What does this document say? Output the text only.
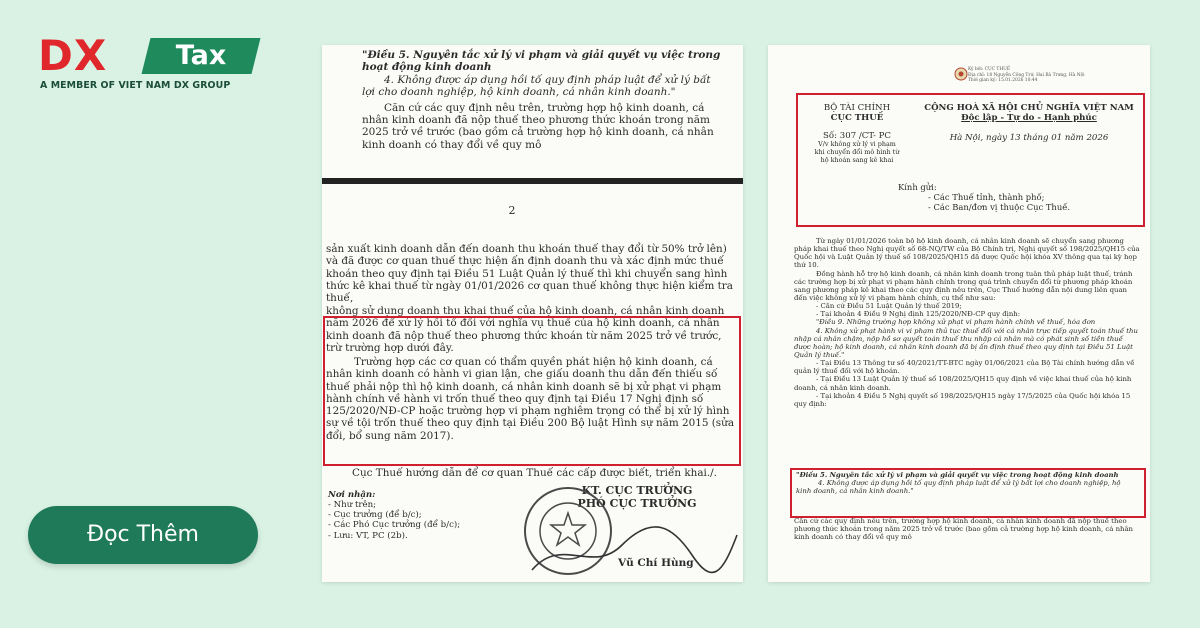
DX	Tax
A MEMBER OF VIET NAM DX GROUP
Đọc Thêm

"Điều 5. Nguyên tắc xử lý vi phạm và giải quyết vụ việc trong hoạt động kinh doanh

4. Không được áp dụng hồi tố quy định pháp luật để xử lý bất lợi cho doanh nghiệp, hộ kinh doanh, cá nhân kinh doanh."

Căn cứ các quy định nêu trên, trường hợp hộ kinh doanh, cá nhân kinh doanh đã nộp thuế theo phương thức khoán trong năm 2025 trở về trước (bao gồm cả trường hợp hộ kinh doanh, cá nhân kinh doanh có thay đổi về quy mô

2
sản xuất kinh doanh dẫn đến doanh thu khoán thuế thay đổi từ 50% trở lên) và đã được cơ quan thuế thực hiện ấn định doanh thu và xác định mức thuế khoán theo quy định tại Điều 51 Luật Quản lý thuế thì khi chuyển sang hình thức kê khai thuế từ ngày 01/01/2026 cơ quan thuế không thực hiện kiểm tra thuế,

không sử dụng doanh thu khai thuế của hộ kinh doanh, cá nhân kinh doanh năm 2026 để xử lý hồi tố đối với nghĩa vụ thuế của hộ kinh doanh, cá nhân kinh doanh đã nộp thuế theo phương thức khoán từ năm 2025 trở về trước, trừ trường hợp dưới đây.

Trường hợp các cơ quan có thẩm quyền phát hiện hộ kinh doanh, cá nhân kinh doanh có hành vi gian lận, che giấu doanh thu dẫn đến thiếu số thuế phải nộp thì hộ kinh doanh, cá nhân kinh doanh sẽ bị xử phạt vi phạm hành chính về hành vi trốn thuế theo quy định tại Điều 17 Nghị định số 125/2020/NĐ-CP hoặc trường hợp vi phạm nghiêm trọng có thể bị xử lý hình sự về tội trốn thuế theo quy định tại Điều 200 Bộ luật Hình sự năm 2015 (sửa đổi, bổ sung năm 2017).

Cục Thuế hướng dẫn để cơ quan Thuế các cấp được biết, triển khai./.

Nơi nhận:

- Như trên;

- Cục trưởng (để b/c);

- Các Phó Cục trưởng (để b/c);

- Lưu: VT, PC (2b).

KT. CỤC TRƯỞNG

PHÓ CỤC TRƯỞNG

Vũ Chí Hùng

Ký bởi: CỤC THUẾ

Địa chỉ: 18 Nguyễn Công Trứ, Hai Bà Trưng, Hà Nội

Thời gian ký: 15.01.2026 10:44

BỘ TÀI CHÍNH

CỤC THUẾ

Số: 307 /CT- PC

V/v không xử lý vi phạm khi chuyển đổi mô hình từ hộ khoán sang kê khai

CỘNG HOÀ XÃ HỘI CHỦ NGHĨA VIỆT NAM

Độc lập - Tự do - Hạnh phúc

Hà Nội, ngày 13 tháng 01 năm 2026

Kính gửi:

- Các Thuế tỉnh, thành phố;

- Các Ban/đơn vị thuộc Cục Thuế.

Từ ngày 01/01/2026 toàn bộ hộ kinh doanh, cá nhân kinh doanh sẽ chuyển sang phương pháp khai thuế theo Nghị quyết số 68-NQ/TW của Bộ Chính trị, Nghị quyết số 198/2025/QH15 của Quốc hội và Luật Quản lý thuế số 108/2025/QH15 đã được Quốc hội khóa XV thông qua tại kỳ họp thứ 10.

Đồng hành hỗ trợ hộ kinh doanh, cá nhân kinh doanh trong tuân thủ pháp luật thuế, tránh các trường hợp bị xử phạt vi phạm hành chính trong quá trình chuyển đổi từ phương pháp khoán sang phương pháp kê khai theo các quy định nêu trên, Cục Thuế hướng dẫn nội dung liên quan đến việc không xử lý vi phạm hành chính, cụ thể như sau:

- Căn cứ Điều 51 Luật Quản lý thuế 2019;

- Tại khoản 4 Điều 9 Nghị định 125/2020/NĐ-CP quy định:

"Điều 9. Những trường hợp không xử phạt vi phạm hành chính về thuế, hóa đơn

4. Không xử phạt hành vi vi phạm thủ tục thuế đối với cá nhân trực tiếp quyết toán thuế thu nhập cá nhân chậm, nộp hồ sơ quyết toán thuế thu nhập cá nhân mà có phát sinh số tiền thuế được hoàn; hộ kinh doanh, cá nhân kinh doanh đã bị ấn định thuế theo quy định tại Điều 51 Luật Quản lý thuế."

- Tại Điều 13 Thông tư số 40/2021/TT-BTC ngày 01/06/2021 của Bộ Tài chính hướng dẫn về quản lý thuế đối với hộ khoán.

- Tại Điều 13 Luật Quản lý thuế số 108/2025/QH15 quy định về việc khai thuế của hộ kinh doanh, cá nhân kinh doanh.

- Tại khoản 4 Điều 5 Nghị quyết số 198/2025/QH15 ngày 17/5/2025 của Quốc hội khóa 15 quy định:

"Điều 5. Nguyên tắc xử lý vi phạm và giải quyết vụ việc trong hoạt động kinh doanh

4. Không được áp dụng hồi tố quy định pháp luật để xử lý bất lợi cho doanh nghiệp, hộ kinh doanh, cá nhân kinh doanh."

Căn cứ các quy định nêu trên, trường hợp hộ kinh doanh, cá nhân kinh doanh đã nộp thuế theo phương thức khoán trong năm 2025 trở về trước (bao gồm cả trường hợp hộ kinh doanh, cá nhân kinh doanh có thay đổi về quy mô
